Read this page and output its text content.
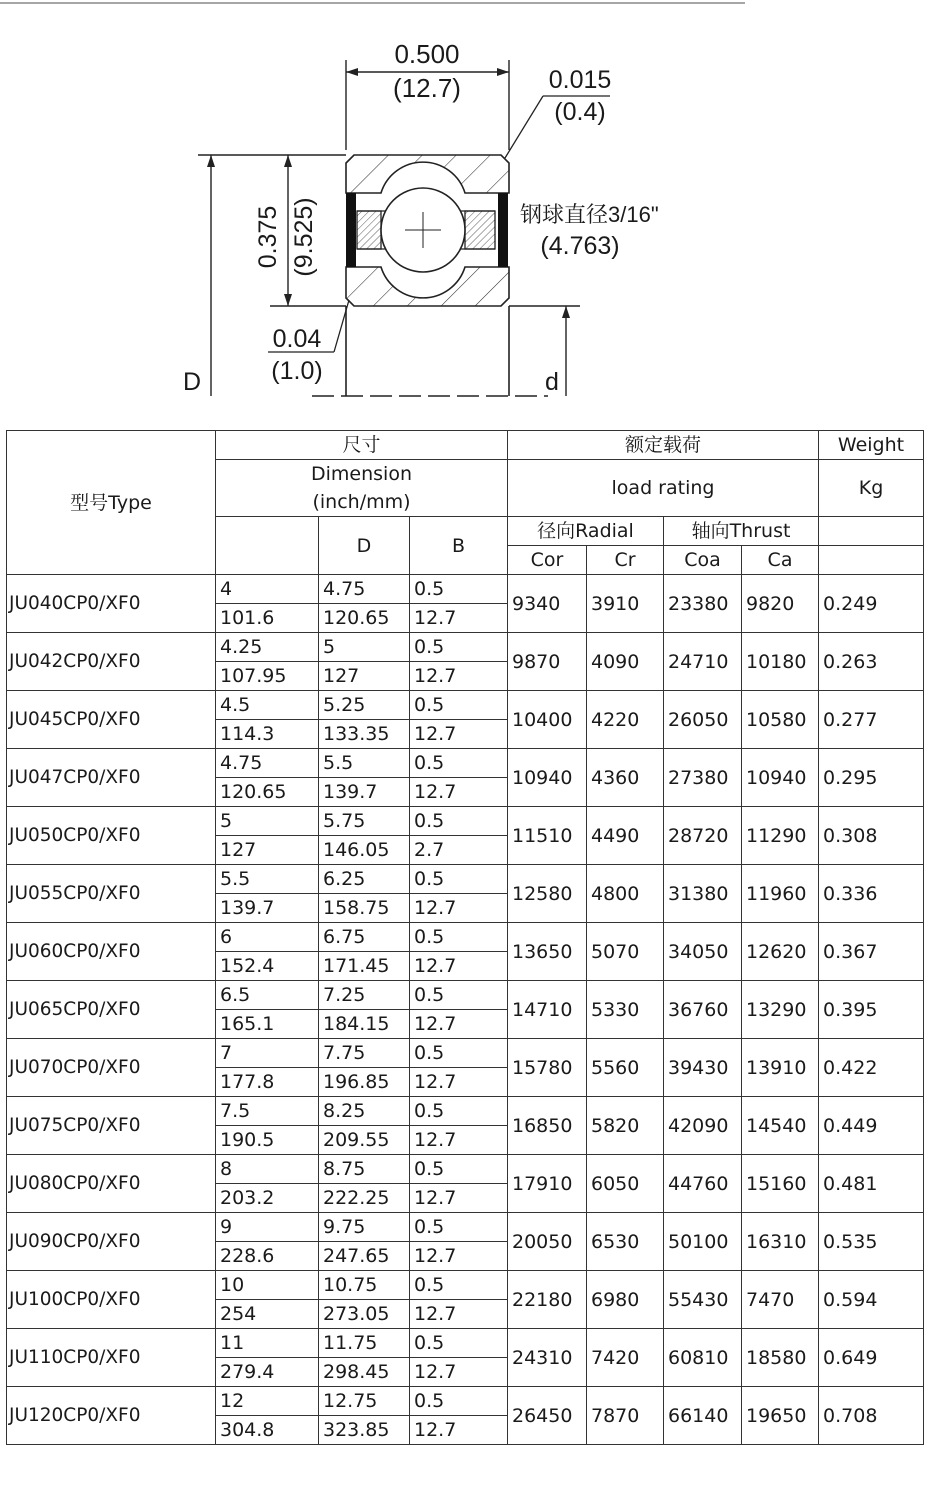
0.500
(12.7)	0.015
(0.4)
0.375 (9.525)
D	d
0.04
(1.0)
钢球直径3/16"
(4.763)
型号Type	尺寸			额定载荷				Weight
	Dimension
(inch/mm)			load rating				Kg
		D	B	径向Radial		轴向Thrust		
				Cor	Cr	Coa	Ca	
JU040CP0/XF0	4	4.75	0.5	9340	3910	23380	9820	0.249
	101.6	120.65	12.7					
JU042CP0/XF0	4.25	5	0.5	9870	4090	24710	10180	0.263
	107.95	127	12.7					
JU045CP0/XF0	4.5	5.25	0.5	10400	4220	26050	10580	0.277
	114.3	133.35	12.7					
JU047CP0/XF0	4.75	5.5	0.5	10940	4360	27380	10940	0.295
	120.65	139.7	12.7					
JU050CP0/XF0	5	5.75	0.5	11510	4490	28720	11290	0.308
	127	146.05	2.7					
JU055CP0/XF0	5.5	6.25	0.5	12580	4800	31380	11960	0.336
	139.7	158.75	12.7					
JU060CP0/XF0	6	6.75	0.5	13650	5070	34050	12620	0.367
	152.4	171.45	12.7					
JU065CP0/XF0	6.5	7.25	0.5	14710	5330	36760	13290	0.395
	165.1	184.15	12.7					
JU070CP0/XF0	7	7.75	0.5	15780	5560	39430	13910	0.422
	177.8	196.85	12.7					
JU075CP0/XF0	7.5	8.25	0.5	16850	5820	42090	14540	0.449
	190.5	209.55	12.7					
JU080CP0/XF0	8	8.75	0.5	17910	6050	44760	15160	0.481
	203.2	222.25	12.7					
JU090CP0/XF0	9	9.75	0.5	20050	6530	50100	16310	0.535
	228.6	247.65	12.7					
JU100CP0/XF0	10	10.75	0.5	22180	6980	55430	7470	0.594
	254	273.05	12.7					
JU110CP0/XF0	11	11.75	0.5	24310	7420	60810	18580	0.649
	279.4	298.45	12.7					
JU120CP0/XF0	12	12.75	0.5	26450	7870	66140	19650	0.708
	304.8	323.85	12.7					
